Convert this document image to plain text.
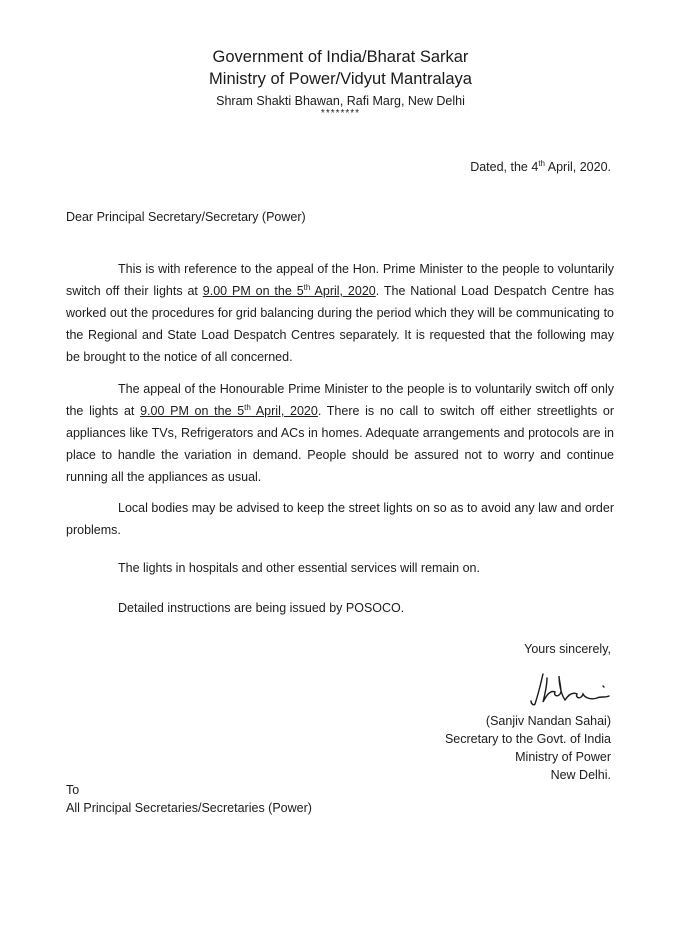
Government of India/Bharat Sarkar
Ministry of Power/Vidyut Mantralaya
Shram Shakti Bhawan, Rafi Marg, New Delhi
********
Dated, the 4th April, 2020.
Dear Principal Secretary/Secretary (Power)
This is with reference to the appeal of the Hon. Prime Minister to the people to voluntarily switch off their lights at 9.00 PM on the 5th April, 2020. The National Load Despatch Centre has worked out the procedures for grid balancing during the period which they will be communicating to the Regional and State Load Despatch Centres separately. It is requested that the following may be brought to the notice of all concerned.
The appeal of the Honourable Prime Minister to the people is to voluntarily switch off only the lights at 9.00 PM on the 5th April, 2020. There is no call to switch off either streetlights or appliances like TVs, Refrigerators and ACs in homes. Adequate arrangements and protocols are in place to handle the variation in demand. People should be assured not to worry and continue running all the appliances as usual.
Local bodies may be advised to keep the street lights on so as to avoid any law and order problems.
The lights in hospitals and other essential services will remain on.
Detailed instructions are being issued by POSOCO.
Yours sincerely,
(Sanjiv Nandan Sahai)
Secretary to the Govt. of India
Ministry of Power
New Delhi.
To
All Principal Secretaries/Secretaries (Power)
